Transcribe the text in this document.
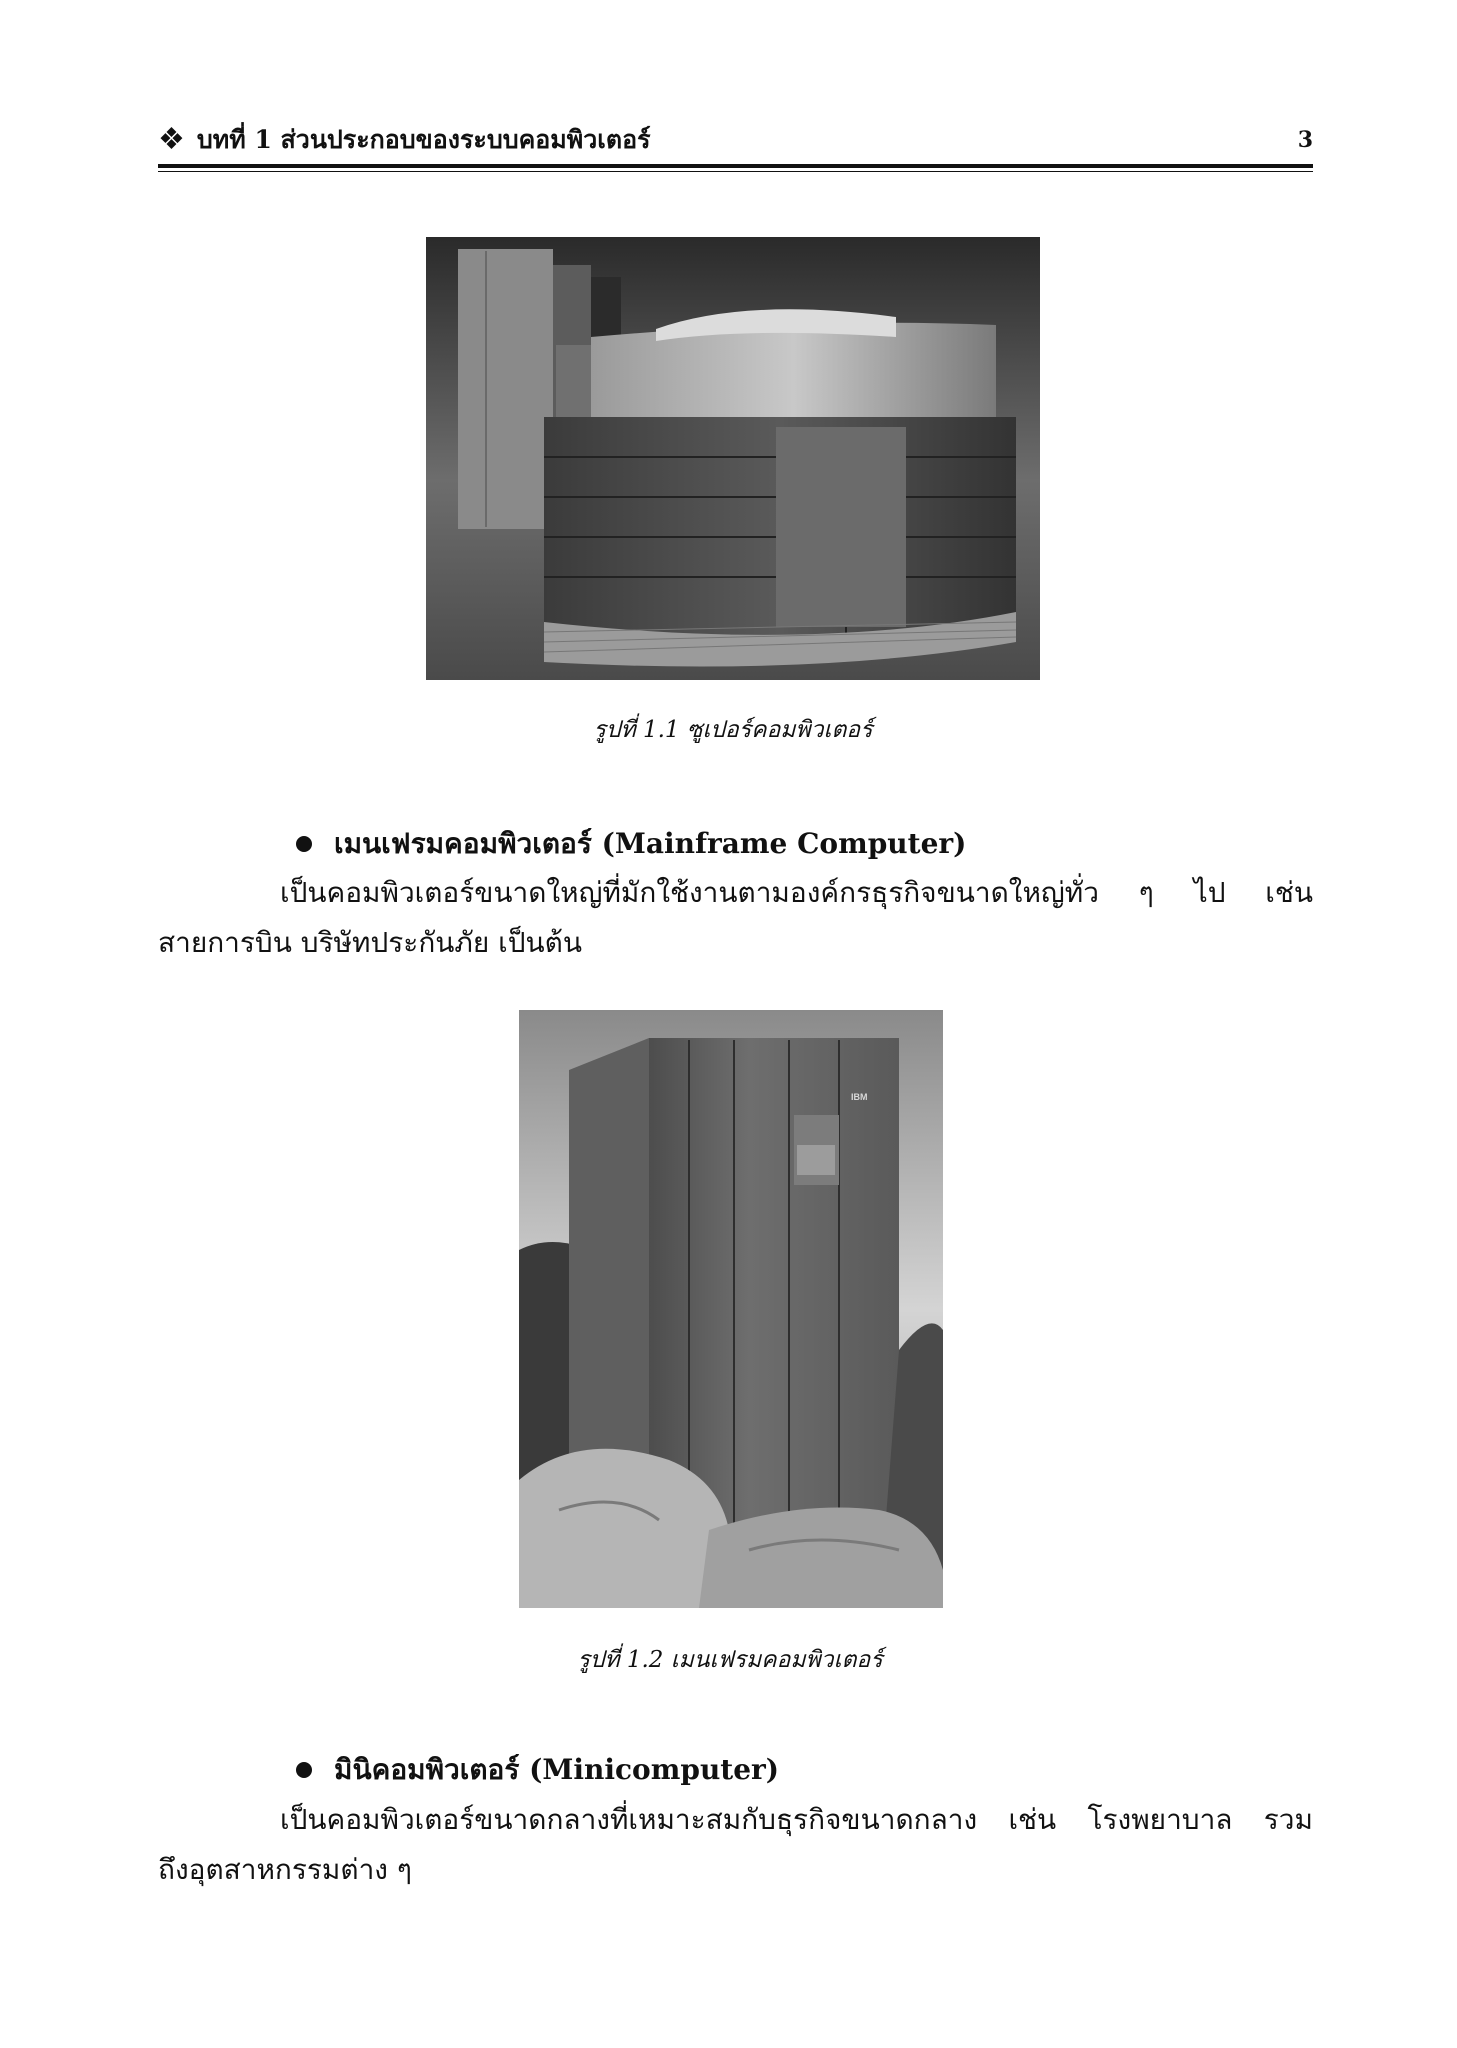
❖ บทที่ 1 ส่วนประกอบของระบบคอมพิวเตอร์	3
รูปที่ 1.1 ซูเปอร์คอมพิวเตอร์
เมนเฟรมคอมพิวเตอร์ (Mainframe Computer)
เป็นคอมพิวเตอร์ขนาดใหญ่ที่มักใช้งานตามองค์กรธุรกิจขนาดใหญ่ทั่ว ๆ ไป เช่น
สายการบิน บริษัทประกันภัย เป็นต้น
IBM
รูปที่ 1.2 เมนเฟรมคอมพิวเตอร์
มินิคอมพิวเตอร์ (Minicomputer)
เป็นคอมพิวเตอร์ขนาดกลางที่เหมาะสมกับธุรกิจขนาดกลาง เช่น โรงพยาบาล รวม
ถึงอุตสาหกรรมต่าง ๆ
